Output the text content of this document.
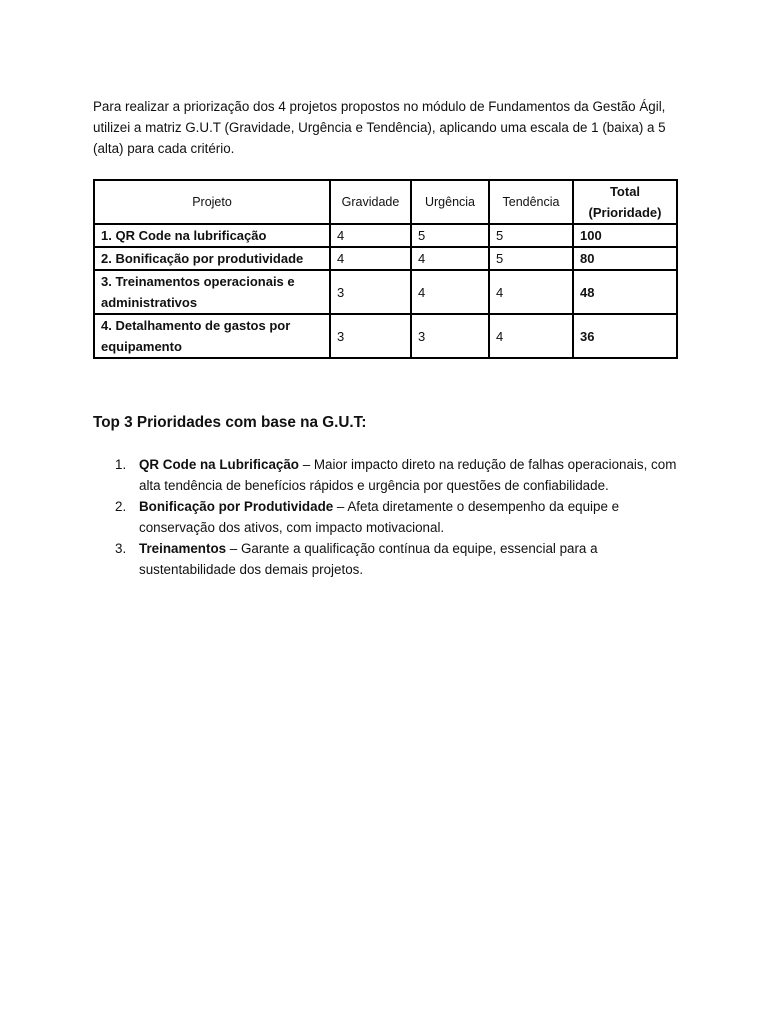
Para realizar a priorização dos 4 projetos propostos no módulo de Fundamentos da Gestão Ágil, utilizei a matriz G.U.T (Gravidade, Urgência e Tendência), aplicando uma escala de 1 (baixa) a 5 (alta) para cada critério.

Projeto	Gravidade	Urgência	Tendência	Total
(Prioridade)
1. QR Code na lubrificação	4	5	5	100
2. Bonificação por produtividade	4	4	5	80
3. Treinamentos operacionais e administrativos	3	4	4	48
4. Detalhamento de gastos por equipamento	3	3	4	36
Top 3 Prioridades com base na G.U.T:
1. QR Code na Lubrificação – Maior impacto direto na redução de falhas operacionais, com alta tendência de benefícios rápidos e urgência por questões de confiabilidade.
2. Bonificação por Produtividade – Afeta diretamente o desempenho da equipe e conservação dos ativos, com impacto motivacional.
3. Treinamentos – Garante a qualificação contínua da equipe, essencial para a sustentabilidade dos demais projetos.
